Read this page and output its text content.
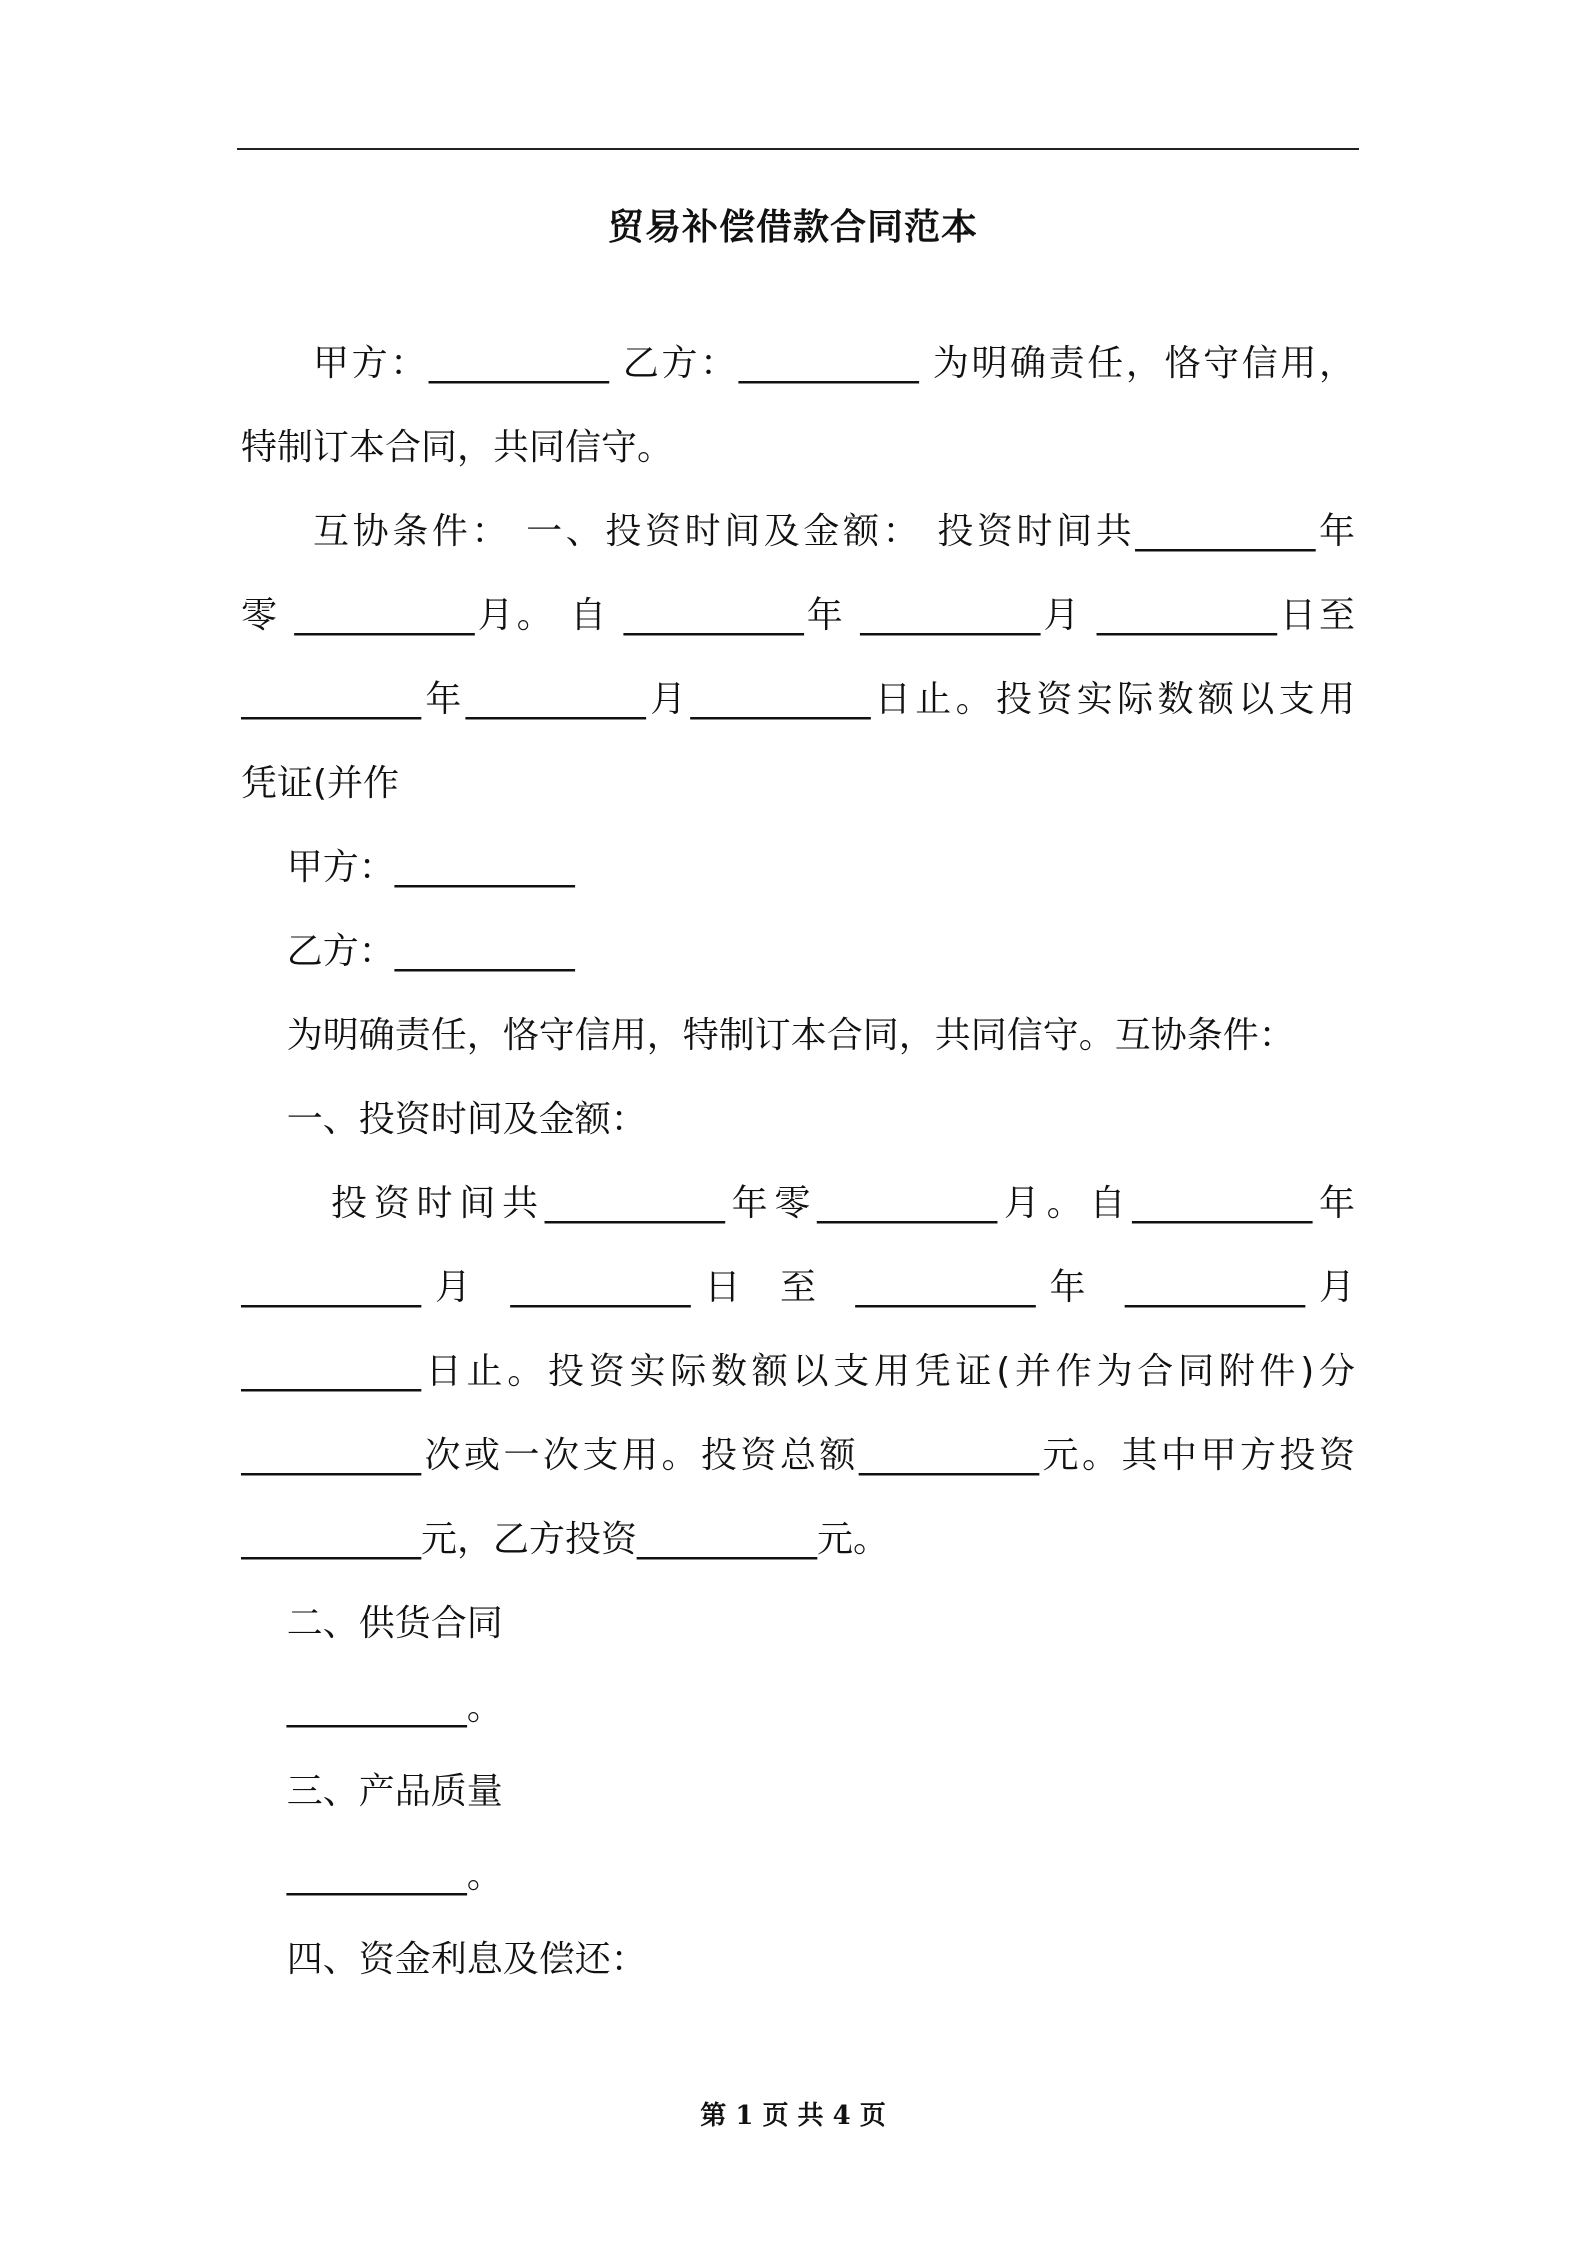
贸易补偿借款合同范本
甲方：__________ 乙方：__________ 为明确责任，恪守信用，
特制订本合同，共同信守。
互协条件： 一、投资时间及金额： 投资时间共__________年
零 __________月。 自 __________年 __________月 __________日至
__________年__________月__________日止。投资实际数额以支用
凭证(并作
甲方：__________
乙方：__________
为明确责任，恪守信用，特制订本合同，共同信守。互协条件：
一、投资时间及金额：
投资时间共__________年零__________月。自__________年
__________月 __________日 至 __________年 __________月
__________日止。投资实际数额以支用凭证(并作为合同附件)分
__________次或一次支用。投资总额__________元。其中甲方投资
__________元，乙方投资__________元。
二、供货合同
__________。
三、产品质量
__________。
四、资金利息及偿还：
第 1 页 共 4 页
